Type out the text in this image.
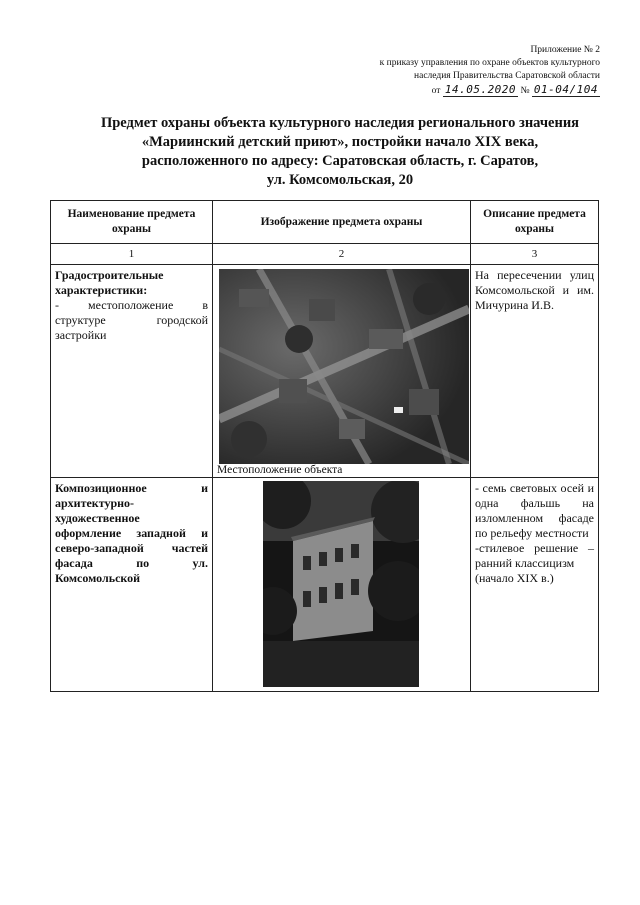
Приложение № 2
к приказу управления по охране объектов культурного
наследия Правительства Саратовской области
от 14.05.2020 № 01-04/104
Предмет охраны объекта культурного наследия регионального значения
«Мариинский детский приют», постройки начало XIX века,
расположенного по адресу: Саратовская область, г. Саратов,
ул. Комсомольская, 20
Наименование предмета охраны	Изображение предмета охраны	Описание предмета охраны
1	2	3

Градостроительные характеристики:
- местоположение в структуре городской застройки	Местоположение объекта	На пересечении улиц Комсомольской и им. Мичурина И.В.

Композиционное и архитектурно-художественное оформление западной и северо-западной частей фасада по ул. Комсомольской		- семь световых осей и одна фальшь на изломленном фасаде по рельефу местности
-стилевое решение – ранний классицизм
(начало XIX в.)
